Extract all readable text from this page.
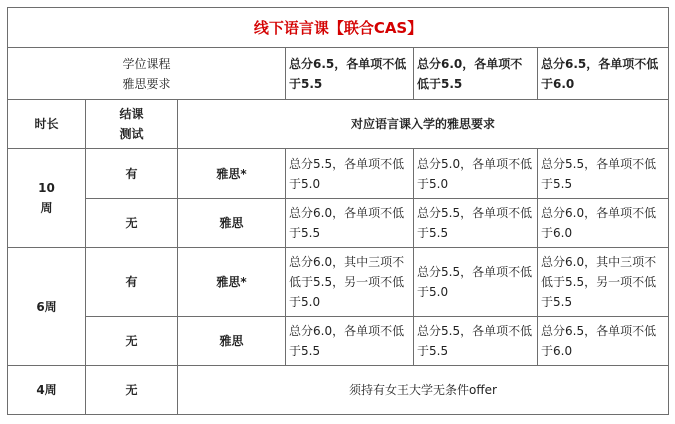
线下语言课【联合CAS】					

学位课程
雅思要求			总分6.5，各单项不低于5.5	总分6.0，各单项不低于5.5	总分6.5，各单项不低于6.0
时长	结课测试	对应语言课入学的雅思要求			
10周	有	雅思*	总分5.5，各单项不低于5.0	总分5.0，各单项不低于5.0	总分5.5，各单项不低于5.5
	无	雅思	总分6.0，各单项不低于5.5	总分5.5，各单项不低于5.5	总分6.0，各单项不低于6.0
6周	有	雅思*	总分6.0，其中三项不低于5.5，另一项不低于5.0	总分5.5，各单项不低于5.0	总分6.0，其中三项不低于5.5，另一项不低于5.5
	无	雅思	总分6.0，各单项不低于5.5	总分5.5，各单项不低于5.5	总分6.5，各单项不低于6.0
4周	无	须持有女王大学无条件offer			
